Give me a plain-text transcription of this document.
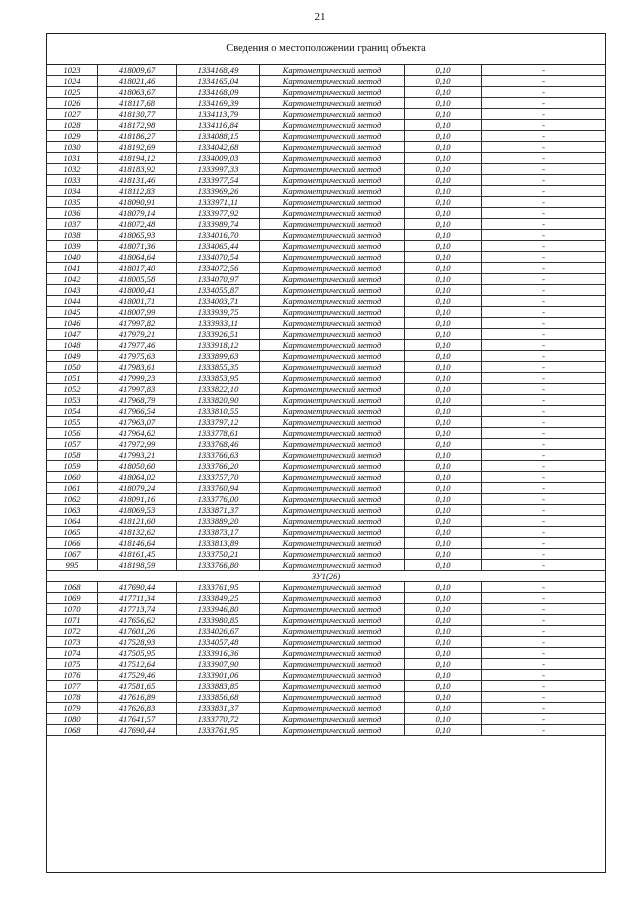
21
Сведения о местоположении границ объекта
1023	418009,67	1334168,49	Картометрический метод	0,10	-
1024	418021,46	1334165,04	Картометрический метод	0,10	-
1025	418063,67	1334168,09	Картометрический метод	0,10	-
1026	418117,68	1334169,39	Картометрический метод	0,10	-
1027	418130,77	1334113,79	Картометрический метод	0,10	-
1028	418172,98	1334116,84	Картометрический метод	0,10	-
1029	418186,27	1334088,15	Картометрический метод	0,10	-
1030	418192,69	1334042,68	Картометрический метод	0,10	-
1031	418194,12	1334009,03	Картометрический метод	0,10	-
1032	418183,92	1333997,33	Картометрический метод	0,10	-
1033	418131,46	1333977,54	Картометрический метод	0,10	-
1034	418112,83	1333969,26	Картометрический метод	0,10	-
1035	418090,91	1333971,11	Картометрический метод	0,10	-
1036	418079,14	1333977,92	Картометрический метод	0,10	-
1037	418072,48	1333989,74	Картометрический метод	0,10	-
1038	418065,93	1334016,70	Картометрический метод	0,10	-
1039	418071,36	1334065,44	Картометрический метод	0,10	-
1040	418064,64	1334070,54	Картометрический метод	0,10	-
1041	418017,40	1334072,56	Картометрический метод	0,10	-
1042	418005,58	1334070,97	Картометрический метод	0,10	-
1043	418000,41	1334055,87	Картометрический метод	0,10	-
1044	418001,71	1334003,71	Картометрический метод	0,10	-
1045	418007,99	1333939,75	Картометрический метод	0,10	-
1046	417997,82	1333933,11	Картометрический метод	0,10	-
1047	417979,21	1333926,51	Картометрический метод	0,10	-
1048	417977,46	1333918,12	Картометрический метод	0,10	-
1049	417975,63	1333899,63	Картометрический метод	0,10	-
1050	417983,61	1333855,35	Картометрический метод	0,10	-
1051	417999,23	1333853,95	Картометрический метод	0,10	-
1052	417997,83	1333822,10	Картометрический метод	0,10	-
1053	417968,79	1333820,90	Картометрический метод	0,10	-
1054	417966,54	1333810,55	Картометрический метод	0,10	-
1055	417963,07	1333797,12	Картометрический метод	0,10	-
1056	417964,62	1333778,61	Картометрический метод	0,10	-
1057	417972,99	1333768,46	Картометрический метод	0,10	-
1058	417993,21	1333766,63	Картометрический метод	0,10	-
1059	418050,60	1333766,20	Картометрический метод	0,10	-
1060	418064,02	1333757,70	Картометрический метод	0,10	-
1061	418079,24	1333760,94	Картометрический метод	0,10	-
1062	418091,16	1333776,00	Картометрический метод	0,10	-
1063	418069,53	1333871,37	Картометрический метод	0,10	-
1064	418121,60	1333889,20	Картометрический метод	0,10	-
1065	418132,62	1333873,17	Картометрический метод	0,10	-
1066	418146,64	1333813,89	Картометрический метод	0,10	-
1067	418161,45	1333750,21	Картометрический метод	0,10	-
995	418198,59	1333766,80	Картометрический метод	0,10	-
ЗУ1(26)					
1068	417690,44	1333761,95	Картометрический метод	0,10	-
1069	417711,34	1333849,25	Картометрический метод	0,10	-
1070	417713,74	1333946,80	Картометрический метод	0,10	-
1071	417656,62	1333980,85	Картометрический метод	0,10	-
1072	417601,26	1334026,67	Картометрический метод	0,10	-
1073	417528,93	1334057,48	Картометрический метод	0,10	-
1074	417505,95	1333916,36	Картометрический метод	0,10	-
1075	417512,64	1333907,90	Картометрический метод	0,10	-
1076	417529,46	1333901,06	Картометрический метод	0,10	-
1077	417581,65	1333883,85	Картометрический метод	0,10	-
1078	417616,89	1333856,68	Картометрический метод	0,10	-
1079	417626,83	1333831,37	Картометрический метод	0,10	-
1080	417641,57	1333770,72	Картометрический метод	0,10	-
1068	417690,44	1333761,95	Картометрический метод	0,10	-
